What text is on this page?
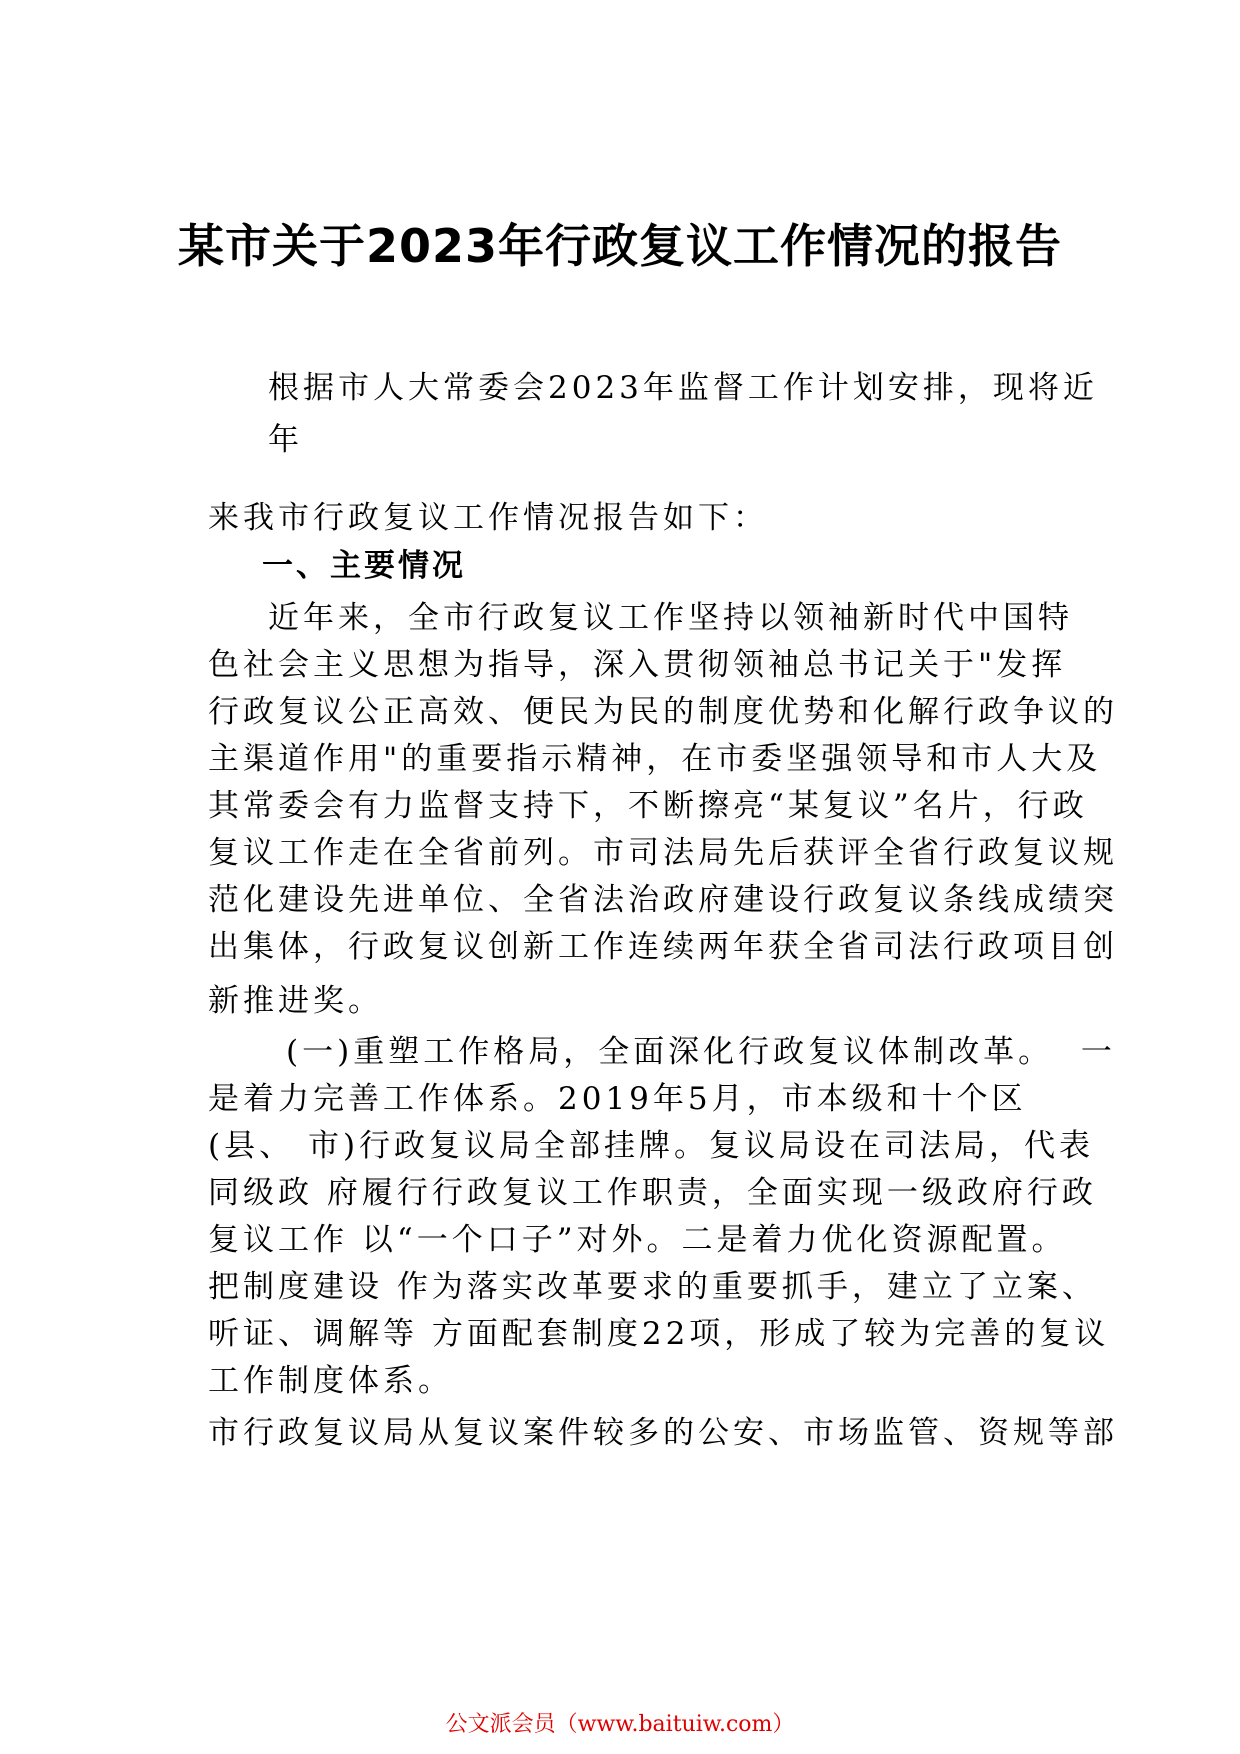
某市关于2023年行政复议工作情况的报告
根据市人大常委会2023年监督工作计划安排，现将近
年
来我市行政复议工作情况报告如下：
一、主要情况
近年来，全市行政复议工作坚持以领袖新时代中国特
色社会主义思想为指导，深入贯彻领袖总书记关于"发挥
行政复议公正高效、便民为民的制度优势和化解行政争议的
主渠道作用"的重要指示精神，在市委坚强领导和市人大及
其常委会有力监督支持下，不断擦亮“某复议”名片，行政
复议工作走在全省前列。市司法局先后获评全省行政复议规
范化建设先进单位、全省法治政府建设行政复议条线成绩突
出集体，行政复议创新工作连续两年获全省司法行政项目创
新推进奖。
(一)重塑工作格局，全面深化行政复议体制改革。  一
是着力完善工作体系。2019年5月，市本级和十个区
(县、 市)行政复议局全部挂牌。复议局设在司法局，代表
同级政 府履行行政复议工作职责，全面实现一级政府行政
复议工作 以“一个口子”对外。二是着力优化资源配置。
把制度建设 作为落实改革要求的重要抓手，建立了立案、
听证、调解等 方面配套制度22项，形成了较为完善的复议
工作制度体系。
市行政复议局从复议案件较多的公安、市场监管、资规等部
公文派会员（www.baituiw.com）
